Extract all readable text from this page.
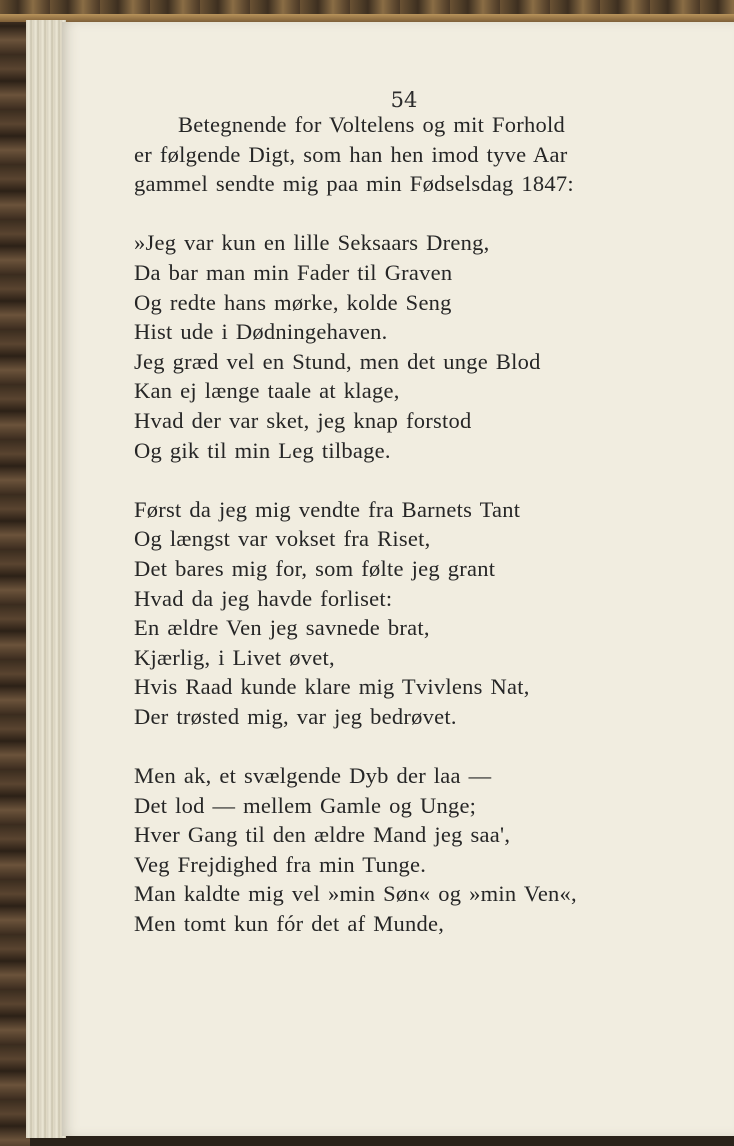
54
Betegnende for Voltelens og mit Forhold
er følgende Digt, som han hen imod tyve Aar
gammel sendte mig paa min Fødselsdag 1847:
»Jeg var kun en lille Seksaars Dreng,
Da bar man min Fader til Graven
Og redte hans mørke, kolde Seng
Hist ude i Dødningehaven.
Jeg græd vel en Stund, men det unge Blod
Kan ej længe taale at klage,
Hvad der var sket, jeg knap forstod
Og gik til min Leg tilbage.
Først da jeg mig vendte fra Barnets Tant
Og længst var vokset fra Riset,
Det bares mig for, som følte jeg grant
Hvad da jeg havde forliset:
En ældre Ven jeg savnede brat,
Kjærlig, i Livet øvet,
Hvis Raad kunde klare mig Tvivlens Nat,
Der trøsted mig, var jeg bedrøvet.
Men ak, et svælgende Dyb der laa —
Det lod — mellem Gamle og Unge;
Hver Gang til den ældre Mand jeg saa',
Veg Frejdighed fra min Tunge.
Man kaldte mig vel »min Søn« og »min Ven«,
Men tomt kun fór det af Munde,
